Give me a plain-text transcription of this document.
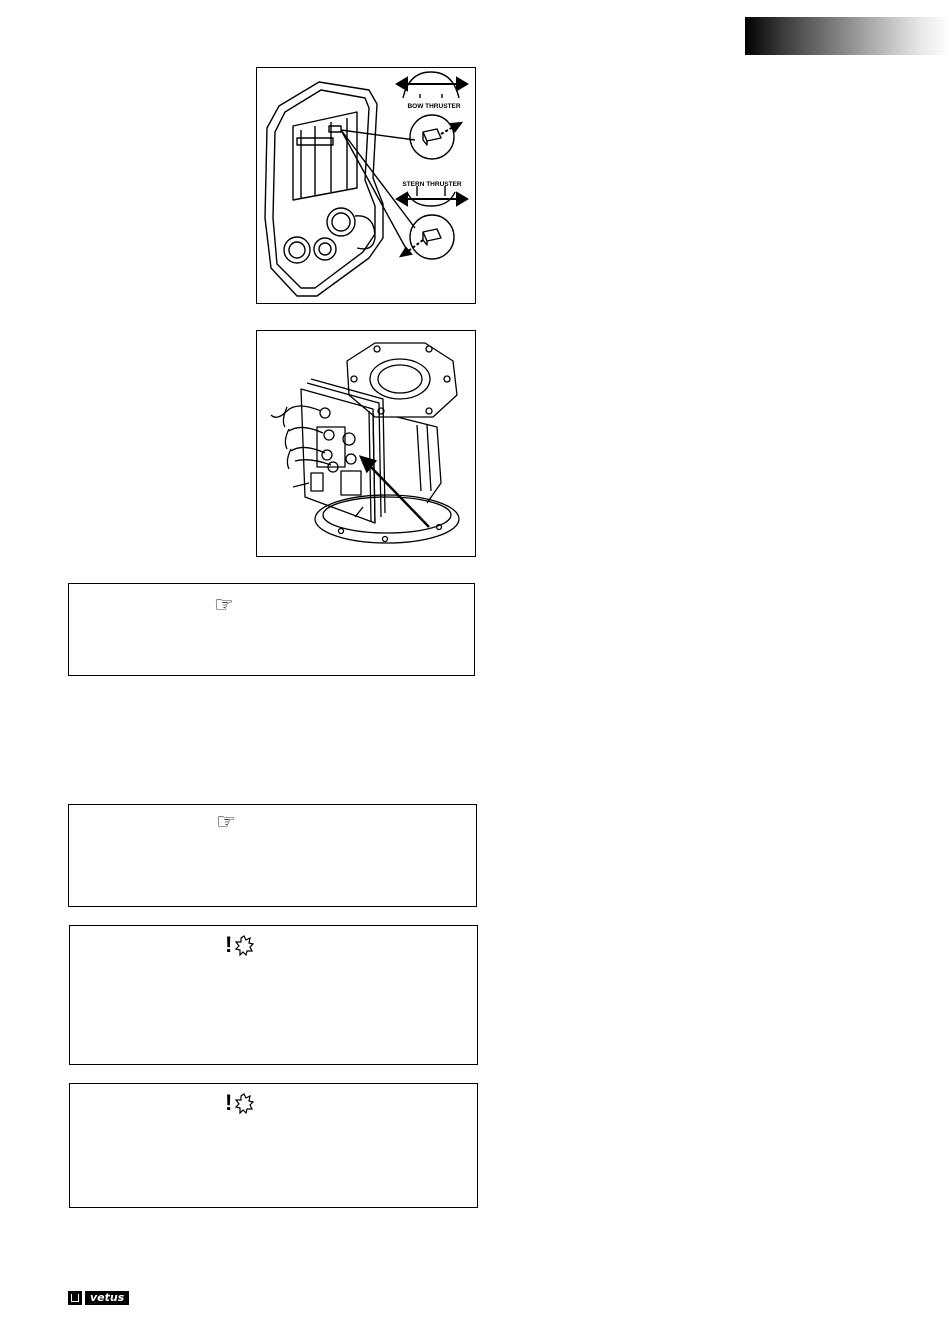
BOW THRUSTER
STERN THRUSTER
☞
☞
!
!
vetus
